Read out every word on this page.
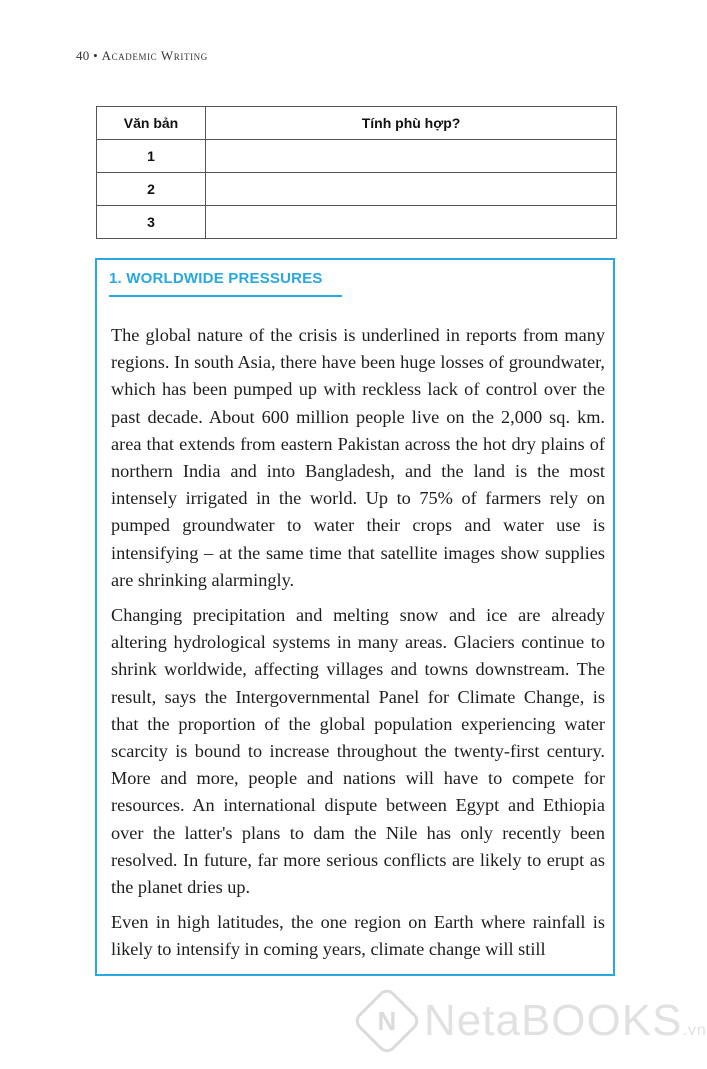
40 • Academic Writing
Văn bản	Tính phù hợp?
1	
2	
3	
1. WORLDWIDE PRESSURES

The global nature of the crisis is underlined in reports from many regions. In south Asia, there have been huge losses of groundwater, which has been pumped up with reckless lack of control over the past decade. About 600 million people live on the 2,000 sq. km. area that extends from eastern Pakistan across the hot dry plains of northern India and into Bangladesh, and the land is the most intensely irrigated in the world. Up to 75% of farmers rely on pumped groundwater to water their crops and water use is intensifying – at the same time that satellite images show supplies are shrinking alarmingly.

Changing precipitation and melting snow and ice are already altering hydrological systems in many areas. Glaciers continue to shrink worldwide, affecting villages and towns downstream. The result, says the Intergovernmental Panel for Climate Change, is that the proportion of the global population experiencing water scarcity is bound to increase throughout the twenty-first century. More and more, people and nations will have to compete for resources. An international dispute between Egypt and Ethiopia over the latter's plans to dam the Nile has only recently been resolved. In future, far more serious conflicts are likely to erupt as the planet dries up.

Even in high latitudes, the one region on Earth where rainfall is likely to intensify in coming years, climate change will still

N NetaBOOKS.vn
